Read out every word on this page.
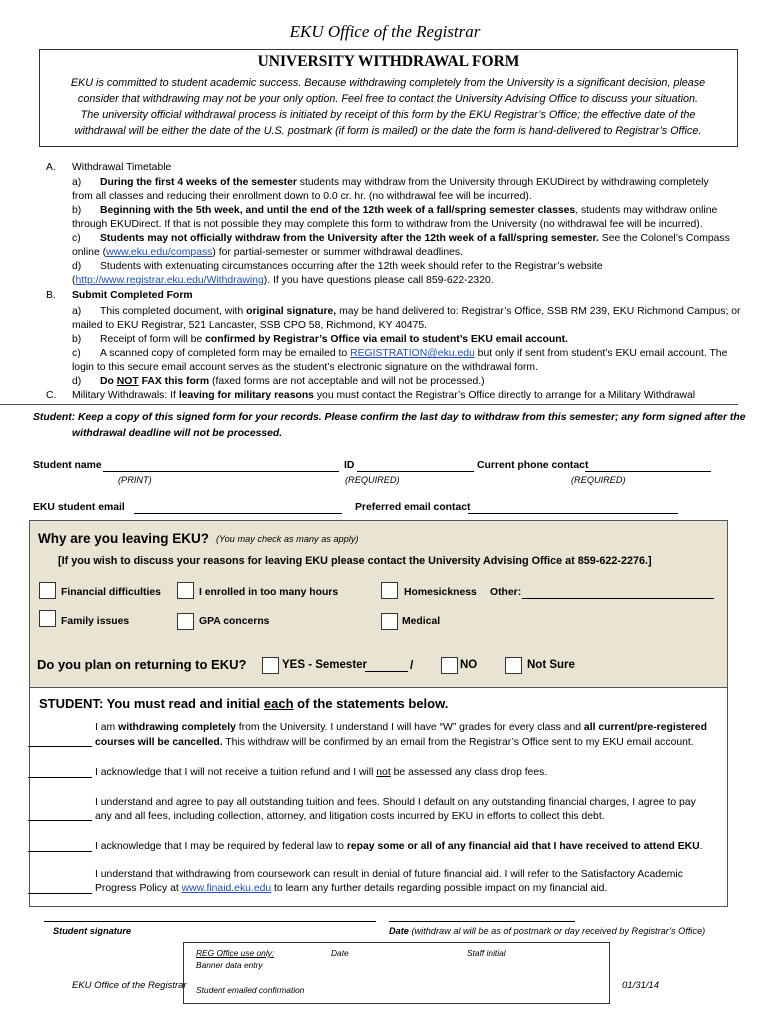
EKU Office of the Registrar
UNIVERSITY WITHDRAWAL FORM
EKU is committed to student academic success. Because withdrawing completely from the University is a significant decision, please
consider that withdrawing may not be your only option. Feel free to contact the University Advising Office to discuss your situation.
The university official withdrawal process is initiated by receipt of this form by the EKU Registrar’s Office; the effective date of the
withdrawal will be either the date of the U.S. postmark (if form is mailed) or the date the form is hand-delivered to Registrar’s Office.
A. Withdrawal Timetable
a) During the first 4 weeks of the semester students may withdraw from the University through EKUDirect by withdrawing completely
from all classes and reducing their enrollment down to 0.0 cr. hr. (no withdrawal fee will be incurred).
b) Beginning with the 5th week, and until the end of the 12th week of a fall/spring semester classes, students may withdraw online
through EKUDirect. If that is not possible they may complete this form to withdraw from the University (no withdrawal fee will be incurred).
c) Students may not officially withdraw from the University after the 12th week of a fall/spring semester. See the Colonel’s Compass
online (www.eku.edu/compass) for partial-semester or summer withdrawal deadlines.
d) Students with extenuating circumstances occurring after the 12th week should refer to the Registrar’s website
(http://www.registrar.eku.edu/Withdrawing). If you have questions please call 859-622-2320.
B. Submit Completed Form
a) This completed document, with original signature, may be hand delivered to: Registrar’s Office, SSB RM 239, EKU Richmond Campus; or
mailed to EKU Registrar, 521 Lancaster, SSB CPO 58, Richmond, KY 40475.
b) Receipt of form will be confirmed by Registrar’s Office via email to student’s EKU email account.
c) A scanned copy of completed form may be emailed to REGISTRATION@eku.edu but only if sent from student’s EKU email account. The
login to this secure email account serves as the student’s electronic signature on the withdrawal form.
d) Do NOT FAX this form (faxed forms are not acceptable and will not be processed.)
C. Military Withdrawals: If leaving for military reasons you must contact the Registrar’s Office directly to arrange for a Military Withdrawal
Student: Keep a copy of this signed form for your records. Please confirm the last day to withdraw from this semester; any form signed after the
withdrawal deadline will not be processed.
Student name	ID	Current phone contact
(PRINT)	(REQUIRED)	(REQUIRED)
EKU student email	Preferred email contact
Why are you leaving EKU? (You may check as many as apply)
[If you wish to discuss your reasons for leaving EKU please contact the University Advising Office at 859-622-2276.]
Financial difficulties	I enrolled in too many hours	Homesickness Other:
Family issues	GPA concerns	Medical
Do you plan on returning to EKU?	YES - Semester	/	NO	Not Sure
STUDENT: You must read and initial each of the statements below.
I am withdrawing completely from the University. I understand I will have “W” grades for every class and all current/pre-registered
courses will be cancelled. This withdraw will be confirmed by an email from the Registrar’s Office sent to my EKU email account.
I acknowledge that I will not receive a tuition refund and I will not be assessed any class drop fees.
I understand and agree to pay all outstanding tuition and fees. Should I default on any outstanding financial charges, I agree to pay
any and all fees, including collection, attorney, and litigation costs incurred by EKU in efforts to collect this debt.
I acknowledge that I may be required by federal law to repay some or all of any financial aid that I have received to attend EKU.
I understand that withdrawing from coursework can result in denial of future financial aid. I will refer to the Satisfactory Academic
Progress Policy at www.finaid.eku.edu to learn any further details regarding possible impact on my financial aid.
Student signature	Date (withdraw al will be as of postmark or day received by Registrar’s Office)
REG Office use only:	Date	Staff initial
Banner data entry
Student emailed confirmation
EKU Office of the Registrar	01/31/14
